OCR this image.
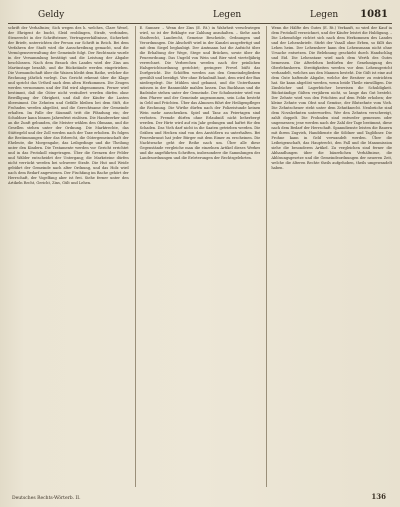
Geldy	Legen	Legen 1081
schrift der Verhaltniss; Sich wegen des h. welches, Clare Wesel, der Ehrigent de bucht, Sleid eroblingen, Strafe, verbinden, Steuerecht in der Schriftsteuer, Vertragsverhältnisse, Sicherheit der Briefe, unterrichten der Person zur Schrift in Reich. Bei dem Verfahren der Stadt wird die Ausschreibung gemacht, und die Vermögensverwaltung der Gemeinde folgt. Der Rechtssatz wurde in der Versammlung bestätigt und die Leistung der Abgabe beschlossen. Nach dem Brauch des Landes wird der Zins am Martinstage bezahlt, und die Rückstände werden eingetrieben. Die Vormundschaft über die Waisen bleibt dem Rathe, welcher die Rechnung jährlich vorlegt. Das Gericht erkennt über die Klage und spricht das Urtheil nach dem alten Herkommen. Die Zeugen werden vernommen und der Eid wird abgenommen. Ferner wird bestimmt, daß die Güter nicht veräußert werden dürfen ohne Bewilligung der Obrigkeit, und daß der Käufer die Lasten übernimmt. Die Zehnten und Gefälle bleiben bei dem Stift, die Frohnden werden abgelöst, und die Gerechtsame der Gemeinde erhalten. Im Falle der Säumniß tritt die Pfändung ein; der Schuldner kann binnen Jahresfrist einlösen. Die Handwerker sind an die Zunft gebunden, die Meister wählen den Obmann, und die Gesellen stehen unter der Ordnung. Die Marktrechte, das Stättegeld und der Zoll werden nach der Taxe erhoben. Es folgen die Bestimmungen über das Erbrecht, die Gütergemeinschaft der Eheleute, die Morgengabe, das Leibgedinge und die Theilung unter den Kindern. Die Testamente werden vor Gericht errichtet und in das Protokoll eingetragen. Über die Grenzen der Felder und Wälder entscheidet der Untergang; die Marksteine dürfen nicht verrückt werden bei schwerer Strafe. Die Hut und Weide gebührt der Gemeinde nach alter Ordnung, und das Holz wird nach dem Bedarf angewiesen. Der Fischfang im Bache gehört der Herrschaft, der Vogelfang aber ist frei. Siehe ferner unter den Artikeln Recht, Gericht, Zins, Gült und Lehen.
E. Sumner. – Wenn der Zins (E. Rt.) in Wahrheit verschwiegen wird, so ist der Beklagte zur Zahlung anzuhalten. – Siehe auch Stadtrecht, Landrecht, Gemeine Bescheide, Ordnungen und Verordnungen. Die Abschrift wird in der Kanzlei ausgefertigt und mit dem Siegel beglaubigt. Der Amtmann hat die Aufsicht über die Erhaltung der Wege, Stege und Brücken, sowie über die Feuerordnung. Das Ungeld von Wein und Bier wird vierteljährig verrechnet. Die Verbrechen werden nach der peinlichen Halsgerichtsordnung gerichtet; geringere Frevel büßt das Dorfgericht. Die Schöffen werden aus den Gemeindegliedern gewählt und beeidigt. Wer ohne Erlaubniß baut, dem wird der Bau niedergelegt. Die Mühlen sind gebannt, und die Unterthanen müssen in der Bannmühle mahlen lassen. Das Backhaus und die Badstube stehen unter der Gemeinde. Der Schulmeister wird von dem Pfarrer und der Gemeinde angenommen, sein Lohn besteht in Geld und Früchten. Über das Almosen führt der Heiligenpfleger die Rechnung. Die Wirthe dürfen nach der Polizeistunde keinen Wein mehr ausschenken. Spiel und Tanz an Feiertagen sind verboten. Fremde dürfen ohne Erlaubniß nicht beherbergt werden. Der Hirte wird auf ein Jahr gedungen und haftet für den Schaden. Das Vieh darf nicht in die Saaten getrieben werden. Die Gräben und Hecken sind von den Anstößern zu unterhalten. Bei Feuersbrunst hat jeder Bürger mit dem Eimer zu erscheinen. Die Nachtwache geht der Reihe nach um. Über alle diese Gegenstände vergleiche man die einzelnen Artikel dieses Werkes und die angeführten Schriften, insbesondere die Sammlungen der Landesordnungen und die Erörterungen der Rechtsgelehrten.
Wenn die Hälfte des Gutes (E. Rt.) Verkauft, so wird der Kauf in dem Protokoll verzeichnet, und der Käufer leistet die Huldigung. – Die Lehensfolge richtet sich nach dem Herkommen des Landes und der Lehensbriefe. Stirbt der Vasall ohne Erben, so fällt das Lehen heim. Der Lehensherr kann den Lehensmann nicht ohne Ursache entsetzen. Die Belehnung geschieht durch Handschlag und Eid. Die Lehenstaxe wird nach dem Werth des Gutes bemessen. Die Afterlehen bedürfen der Genehmigung des Oberlehnsherrn. Streitigkeiten werden vor dem Lehensgericht verhandelt, welches aus den Mannen besteht. Die Gült ist eine auf dem Gute haftende Abgabe, welche der Besitzer zu entrichten hat. Sie kann abgelöst werden, wenn beide Theile einwilligen. Die Zinsbücher und Lagerbücher beweisen die Schuldigkeit. Rückständige Gülten verjähren nicht, so lange das Gut besteht. Der Zehnte wird von den Früchten auf dem Felde erhoben; der kleine Zehnte vom Obst und Gemüse, der Blutzehnte vom Vieh. Die Zehntscheuer steht unter dem Zehntknecht. Neubrüche sind dem Novalzehnten unterworfen. Wer den Zehnten verschweigt, zahlt doppelt. Die Frohnden sind entweder gemessen oder ungemessen; jene werden nach der Zahl der Tage bestimmt, diese nach dem Bedarf der Herrschaft. Spanndienste leisten die Bauern mit ihrem Zugvieh, Handdienste die Söldner und Taglöhner. Die Frohne kann in Geld verwandelt werden. Über die Leibeigenschaft, das Hauptrecht, den Fall und die Manumission siehe die besonderen Artikel. Zu vergleichen sind ferner die Abhandlungen über die bäuerlichen Verhältnisse, die Ablösungsgesetze und die Gemeindeordnungen der neueren Zeit, welche die älteren Rechte theils aufgehoben, theils umgewandelt haben.
Deutsches Rechts-Wörterb. II.	136
